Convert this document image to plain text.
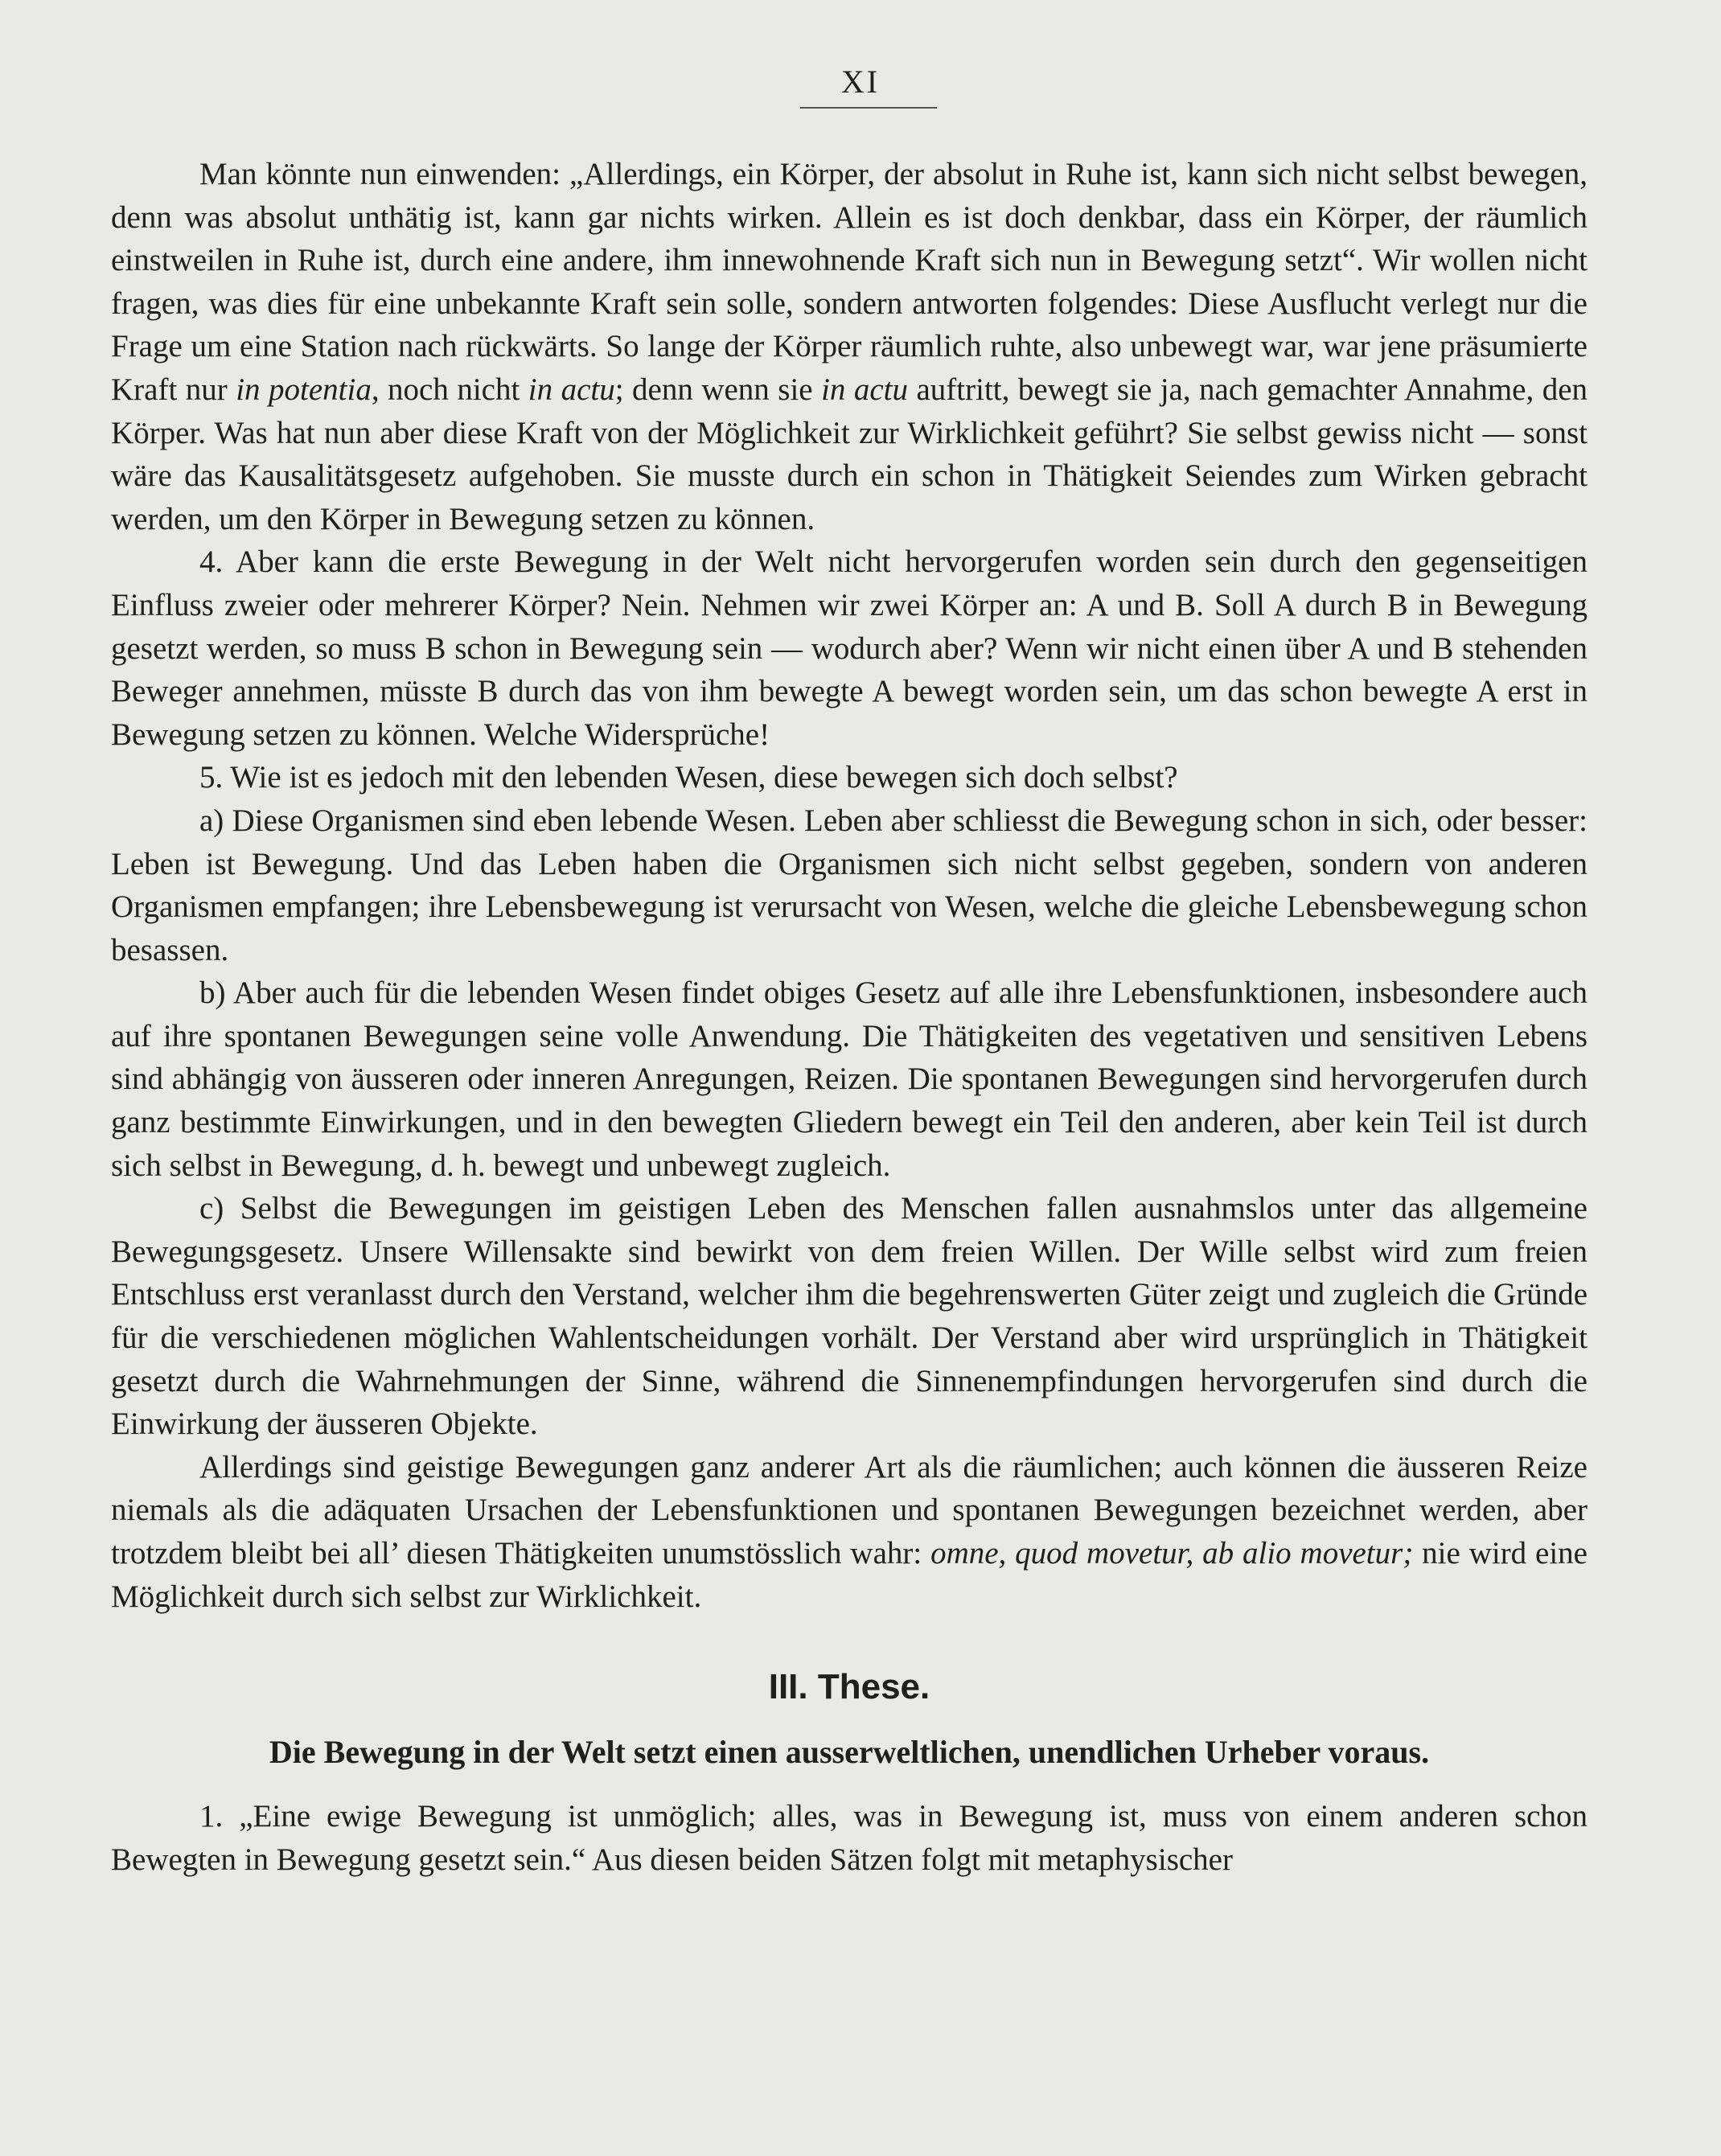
XI

Man könnte nun einwenden: „Allerdings, ein Körper, der absolut in Ruhe ist, kann sich nicht selbst bewegen, denn was absolut unthätig ist, kann gar nichts wirken. Allein es ist doch denkbar, dass ein Körper, der räumlich einstweilen in Ruhe ist, durch eine andere, ihm innewohnende Kraft sich nun in Bewegung setzt“. Wir wollen nicht fragen, was dies für eine unbekannte Kraft sein solle, sondern antworten folgendes: Diese Ausflucht verlegt nur die Frage um eine Station nach rückwärts. So lange der Körper räumlich ruhte, also unbewegt war, war jene präsumierte Kraft nur in potentia, noch nicht in actu; denn wenn sie in actu auftritt, bewegt sie ja, nach gemachter Annahme, den Körper. Was hat nun aber diese Kraft von der Möglichkeit zur Wirklichkeit geführt? Sie selbst gewiss nicht — sonst wäre das Kausalitätsgesetz aufgehoben. Sie musste durch ein schon in Thätigkeit Seiendes zum Wirken gebracht werden, um den Körper in Bewegung setzen zu können.

4. Aber kann die erste Bewegung in der Welt nicht hervorgerufen worden sein durch den gegenseitigen Einfluss zweier oder mehrerer Körper? Nein. Nehmen wir zwei Körper an: A und B. Soll A durch B in Bewegung gesetzt werden, so muss B schon in Bewegung sein — wodurch aber? Wenn wir nicht einen über A und B stehenden Beweger annehmen, müsste B durch das von ihm bewegte A bewegt worden sein, um das schon bewegte A erst in Bewegung setzen zu können. Welche Widersprüche!

5. Wie ist es jedoch mit den lebenden Wesen, diese bewegen sich doch selbst?

a) Diese Organismen sind eben lebende Wesen. Leben aber schliesst die Bewegung schon in sich, oder besser: Leben ist Bewegung. Und das Leben haben die Organismen sich nicht selbst gegeben, sondern von anderen Organismen empfangen; ihre Lebensbewegung ist verursacht von Wesen, welche die gleiche Lebensbewegung schon besassen.

b) Aber auch für die lebenden Wesen findet obiges Gesetz auf alle ihre Lebensfunktionen, insbesondere auch auf ihre spontanen Bewegungen seine volle Anwendung. Die Thätigkeiten des vegetativen und sensitiven Lebens sind abhängig von äusseren oder inneren Anregungen, Reizen. Die spontanen Bewegungen sind hervorgerufen durch ganz bestimmte Einwirkungen, und in den bewegten Gliedern bewegt ein Teil den anderen, aber kein Teil ist durch sich selbst in Bewegung, d. h. bewegt und unbewegt zugleich.

c) Selbst die Bewegungen im geistigen Leben des Menschen fallen ausnahmslos unter das allgemeine Bewegungsgesetz. Unsere Willensakte sind bewirkt von dem freien Willen. Der Wille selbst wird zum freien Entschluss erst veranlasst durch den Verstand, welcher ihm die begehrenswerten Güter zeigt und zugleich die Gründe für die verschiedenen möglichen Wahlentscheidungen vorhält. Der Verstand aber wird ursprünglich in Thätigkeit gesetzt durch die Wahrnehmungen der Sinne, während die Sinnenempfindungen hervorgerufen sind durch die Einwirkung der äusseren Objekte.

Allerdings sind geistige Bewegungen ganz anderer Art als die räumlichen; auch können die äusseren Reize niemals als die adäquaten Ursachen der Lebensfunktionen und spontanen Bewegungen bezeichnet werden, aber trotzdem bleibt bei all’ diesen Thätigkeiten unumstösslich wahr: omne, quod movetur, ab alio movetur; nie wird eine Möglichkeit durch sich selbst zur Wirklichkeit.

III. These.

Die Bewegung in der Welt setzt einen ausserweltlichen, unendlichen Urheber voraus.

1. „Eine ewige Bewegung ist unmöglich; alles, was in Bewegung ist, muss von einem anderen schon Bewegten in Bewegung gesetzt sein.“ Aus diesen beiden Sätzen folgt mit metaphysischer
